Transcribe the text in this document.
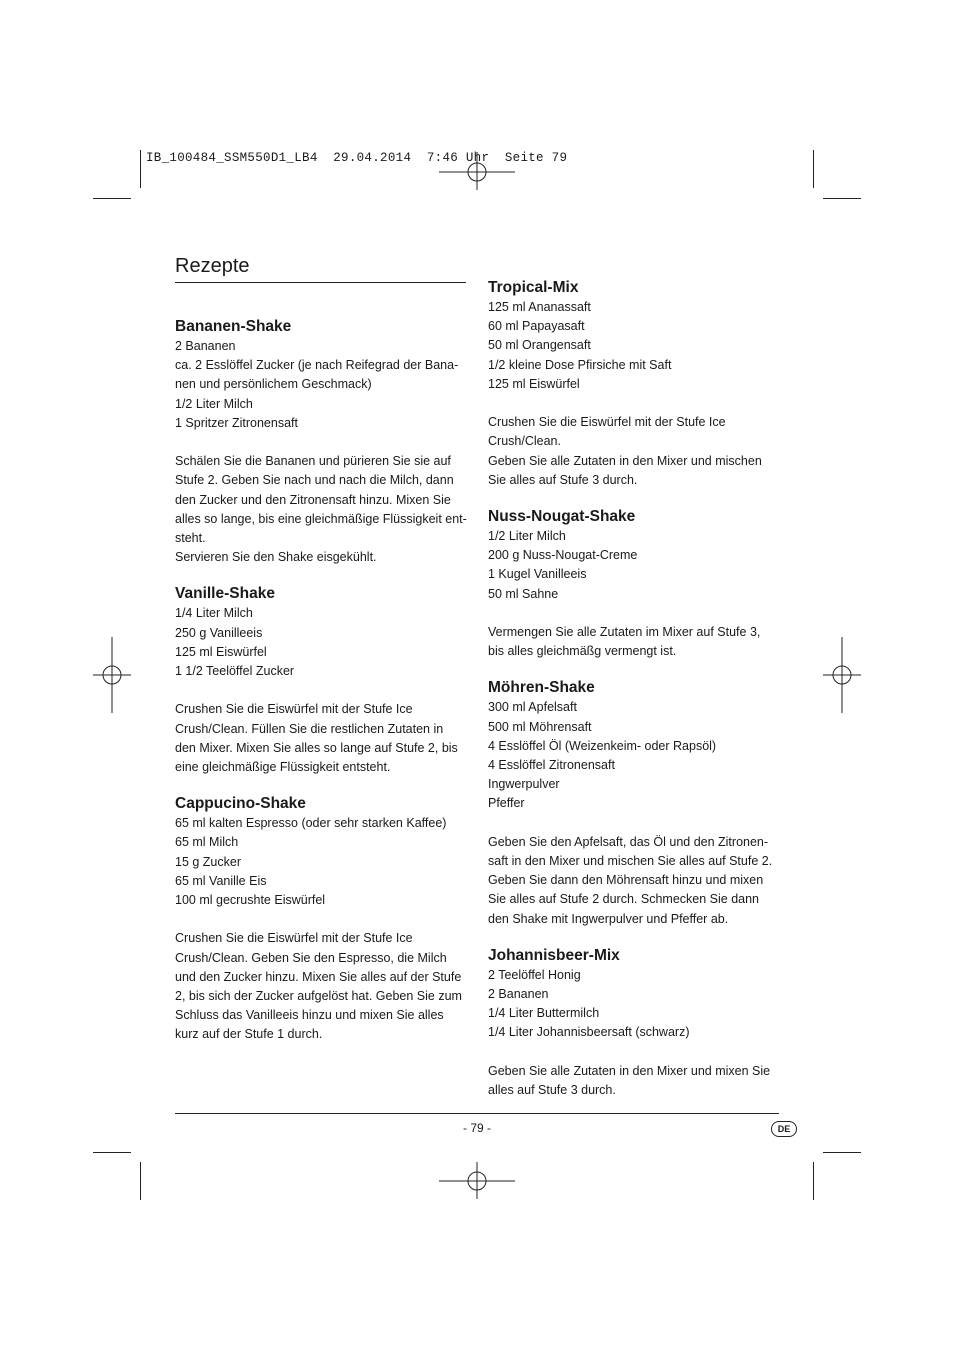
IB_100484_SSM550D1_LB4  29.04.2014  7:46 Uhr  Seite 79
Rezepte
Bananen-Shake
2 Bananen
ca. 2 Esslöffel Zucker (je nach Reifegrad der Bana-
nen und persönlichem Geschmack)
1/2 Liter Milch
1 Spritzer Zitronensaft
Schälen Sie die Bananen und pürieren Sie sie auf
Stufe 2. Geben Sie nach und nach die Milch, dann
den Zucker und den Zitronensaft hinzu. Mixen Sie
alles so lange, bis eine gleichmäßige Flüssigkeit ent-
steht.
Servieren Sie den Shake eisgekühlt.
Vanille-Shake
1/4 Liter Milch
250 g Vanilleeis
125 ml Eiswürfel
1 1/2 Teelöffel Zucker
Crushen Sie die Eiswürfel mit der Stufe Ice
Crush/Clean. Füllen Sie die restlichen Zutaten in
den Mixer. Mixen Sie alles so lange auf Stufe 2, bis
eine gleichmäßige Flüssigkeit entsteht.
Cappucino-Shake
65 ml kalten Espresso (oder sehr starken Kaffee)
65 ml Milch
15 g Zucker
65 ml Vanille Eis
100 ml gecrushte Eiswürfel
Crushen Sie die Eiswürfel mit der Stufe Ice
Crush/Clean. Geben Sie den Espresso, die Milch
und den Zucker hinzu. Mixen Sie alles auf der Stufe
2, bis sich der Zucker aufgelöst hat. Geben Sie zum
Schluss das Vanilleeis hinzu und mixen Sie alles
kurz auf der Stufe 1 durch.
Tropical-Mix
125 ml Ananassaft
60 ml Papayasaft
50 ml Orangensaft
1/2 kleine Dose Pfirsiche mit Saft
125 ml Eiswürfel
Crushen Sie die Eiswürfel mit der Stufe Ice
Crush/Clean.
Geben Sie alle Zutaten in den Mixer und mischen
Sie alles auf Stufe 3 durch.
Nuss-Nougat-Shake
1/2 Liter Milch
200 g Nuss-Nougat-Creme
1 Kugel Vanilleeis
50 ml Sahne
Vermengen Sie alle Zutaten im Mixer auf Stufe 3,
bis alles gleichmäßg vermengt ist.
Möhren-Shake
300 ml Apfelsaft
500 ml Möhrensaft
4 Esslöffel Öl (Weizenkeim- oder Rapsöl)
4 Esslöffel Zitronensaft
Ingwerpulver
Pfeffer
Geben Sie den Apfelsaft, das Öl und den Zitronen-
saft in den Mixer und mischen Sie alles auf Stufe 2.
Geben Sie dann den Möhrensaft hinzu und mixen
Sie alles auf Stufe 2 durch. Schmecken Sie dann
den Shake mit Ingwerpulver und Pfeffer ab.
Johannisbeer-Mix
2 Teelöffel Honig
2 Bananen
1/4 Liter Buttermilch
1/4 Liter Johannisbeersaft (schwarz)
Geben Sie alle Zutaten in den Mixer und mixen Sie
alles auf Stufe 3 durch.
- 79 -	DE
